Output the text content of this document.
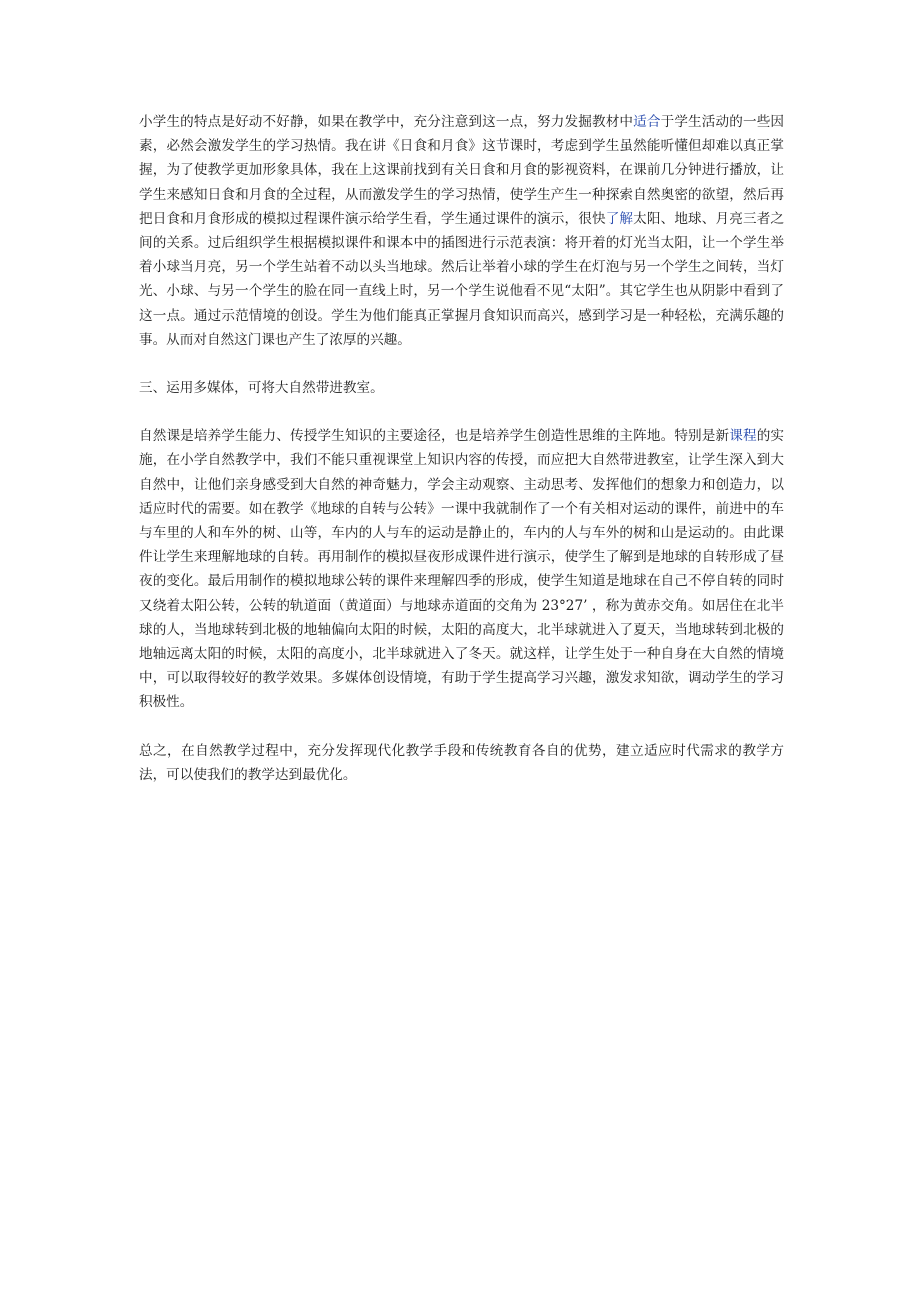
小学生的特点是好动不好静，如果在教学中，充分注意到这一点，努力发掘教材中适合于学生活动的一些因素，必然会激发学生的学习热情。我在讲《日食和月食》这节课时，考虑到学生虽然能听懂但却难以真正掌握，为了使教学更加形象具体，我在上这课前找到有关日食和月食的影视资料，在课前几分钟进行播放，让学生来感知日食和月食的全过程，从而激发学生的学习热情，使学生产生一种探索自然奥密的欲望，然后再把日食和月食形成的模拟过程课件演示给学生看，学生通过课件的演示，很快了解太阳、地球、月亮三者之间的关系。过后组织学生根据模拟课件和课本中的插图进行示范表演：将开着的灯光当太阳，让一个学生举着小球当月亮，另一个学生站着不动以头当地球。然后让举着小球的学生在灯泡与另一个学生之间转，当灯光、小球、与另一个学生的脸在同一直线上时，另一个学生说他看不见“太阳”。其它学生也从阴影中看到了这一点。通过示范情境的创设。学生为他们能真正掌握月食知识而高兴，感到学习是一种轻松，充满乐趣的事。从而对自然这门课也产生了浓厚的兴趣。

三、运用多媒体，可将大自然带进教室。

自然课是培养学生能力、传授学生知识的主要途径，也是培养学生创造性思维的主阵地。特别是新课程的实施，在小学自然教学中，我们不能只重视课堂上知识内容的传授，而应把大自然带进教室，让学生深入到大自然中，让他们亲身感受到大自然的神奇魅力，学会主动观察、主动思考、发挥他们的想象力和创造力，以适应时代的需要。如在教学《地球的自转与公转》一课中我就制作了一个有关相对运动的课件，前进中的车与车里的人和车外的树、山等，车内的人与车的运动是静止的，车内的人与车外的树和山是运动的。由此课件让学生来理解地球的自转。再用制作的模拟昼夜形成课件进行演示，使学生了解到是地球的自转形成了昼夜的变化。最后用制作的模拟地球公转的课件来理解四季的形成，使学生知道是地球在自己不停自转的同时又绕着太阳公转，公转的轨道面（黄道面）与地球赤道面的交角为 23°27’ ，称为黄赤交角。如居住在北半球的人，当地球转到北极的地轴偏向太阳的时候，太阳的高度大，北半球就进入了夏天，当地球转到北极的地轴远离太阳的时候，太阳的高度小，北半球就进入了冬天。就这样，让学生处于一种自身在大自然的情境中，可以取得较好的教学效果。多媒体创设情境，有助于学生提高学习兴趣，激发求知欲，调动学生的学习积极性。

总之，在自然教学过程中，充分发挥现代化教学手段和传统教育各自的优势，建立适应时代需求的教学方法，可以使我们的教学达到最优化。
